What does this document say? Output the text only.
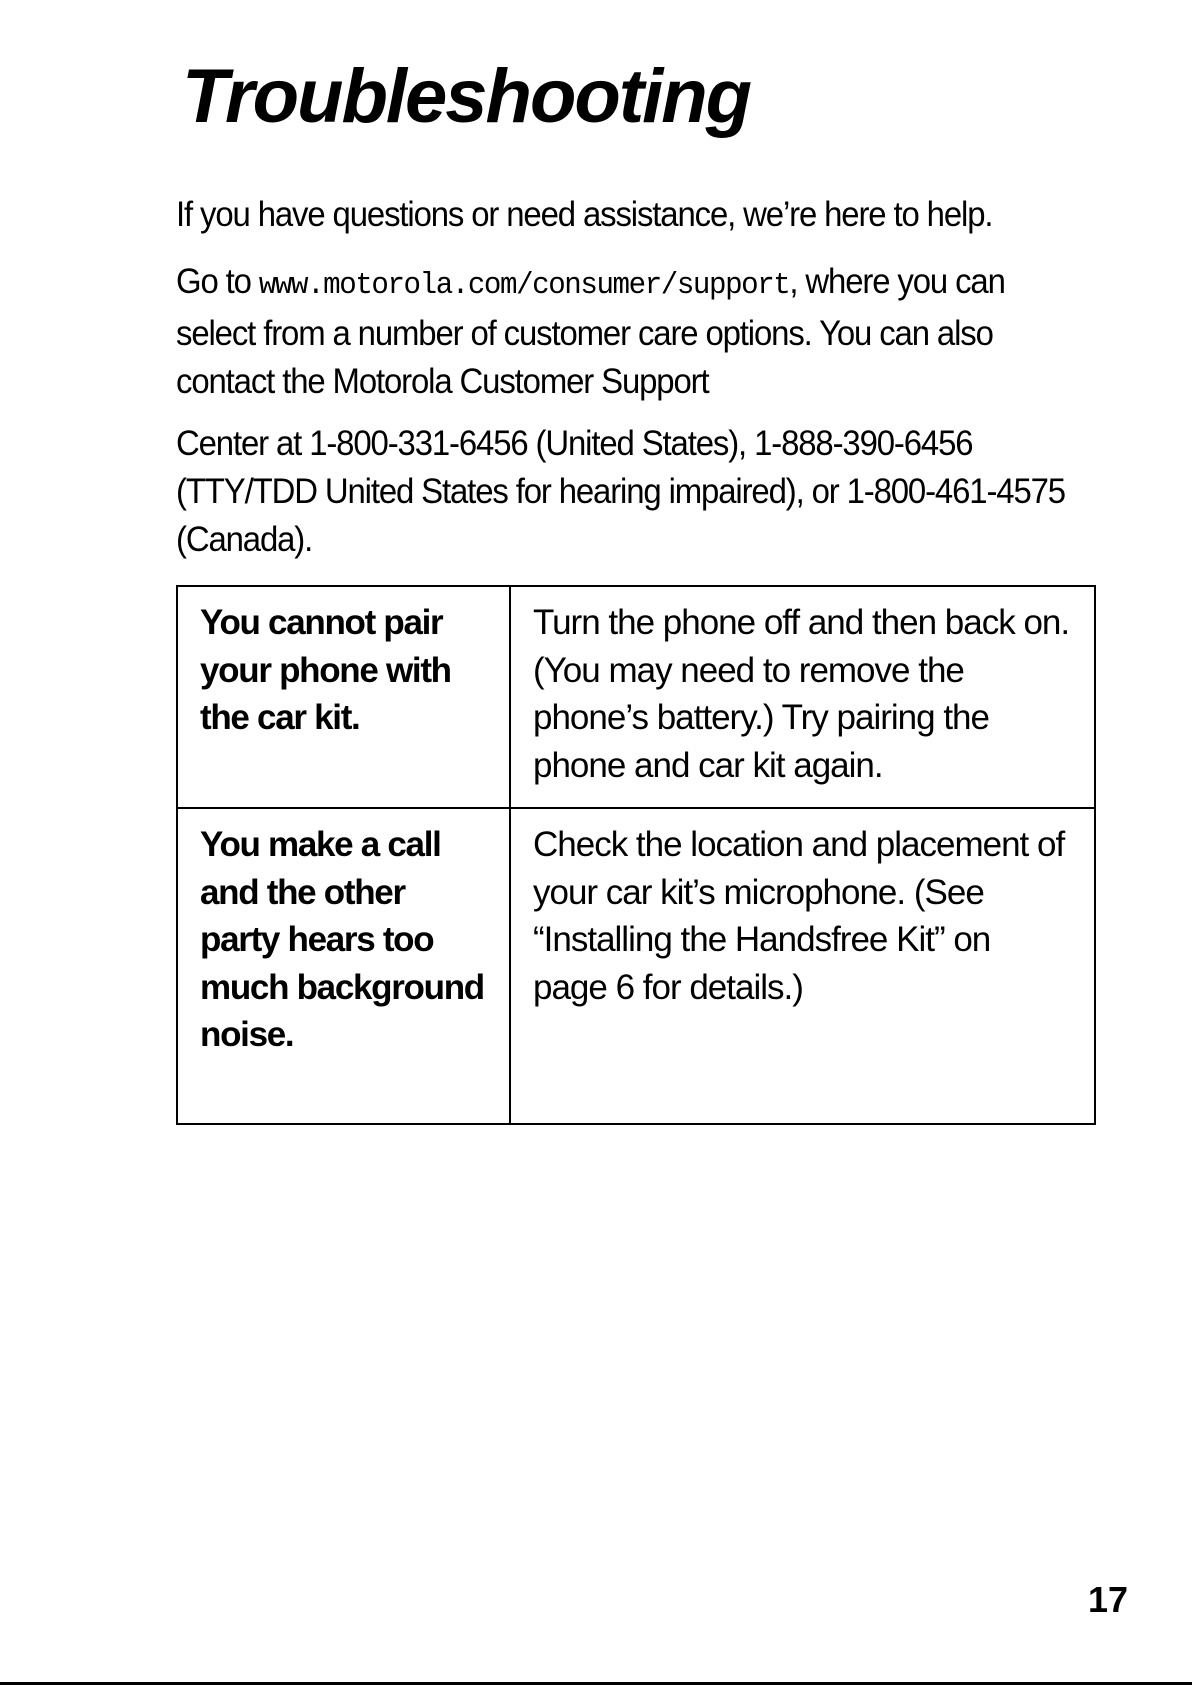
Troubleshooting

If you have questions or need assistance, we’re here to help.

Go to www.motorola.com/consumer/support, where you can select from a number of customer care options. You can also contact the Motorola Customer Support

Center at 1-800-331-6456 (United States), 1-888-390-6456 (TTY/TDD United States for hearing impaired), or 1-800-461-4575 (Canada).

You cannot pair your phone with the car kit.	Turn the phone off and then back on. (You may need to remove the phone’s battery.) Try pairing the phone and car kit again.
You make a call and the other party hears too much background noise.	Check the location and placement of your car kit’s microphone. (See “Installing the Handsfree Kit” on page 6 for details.)

17
